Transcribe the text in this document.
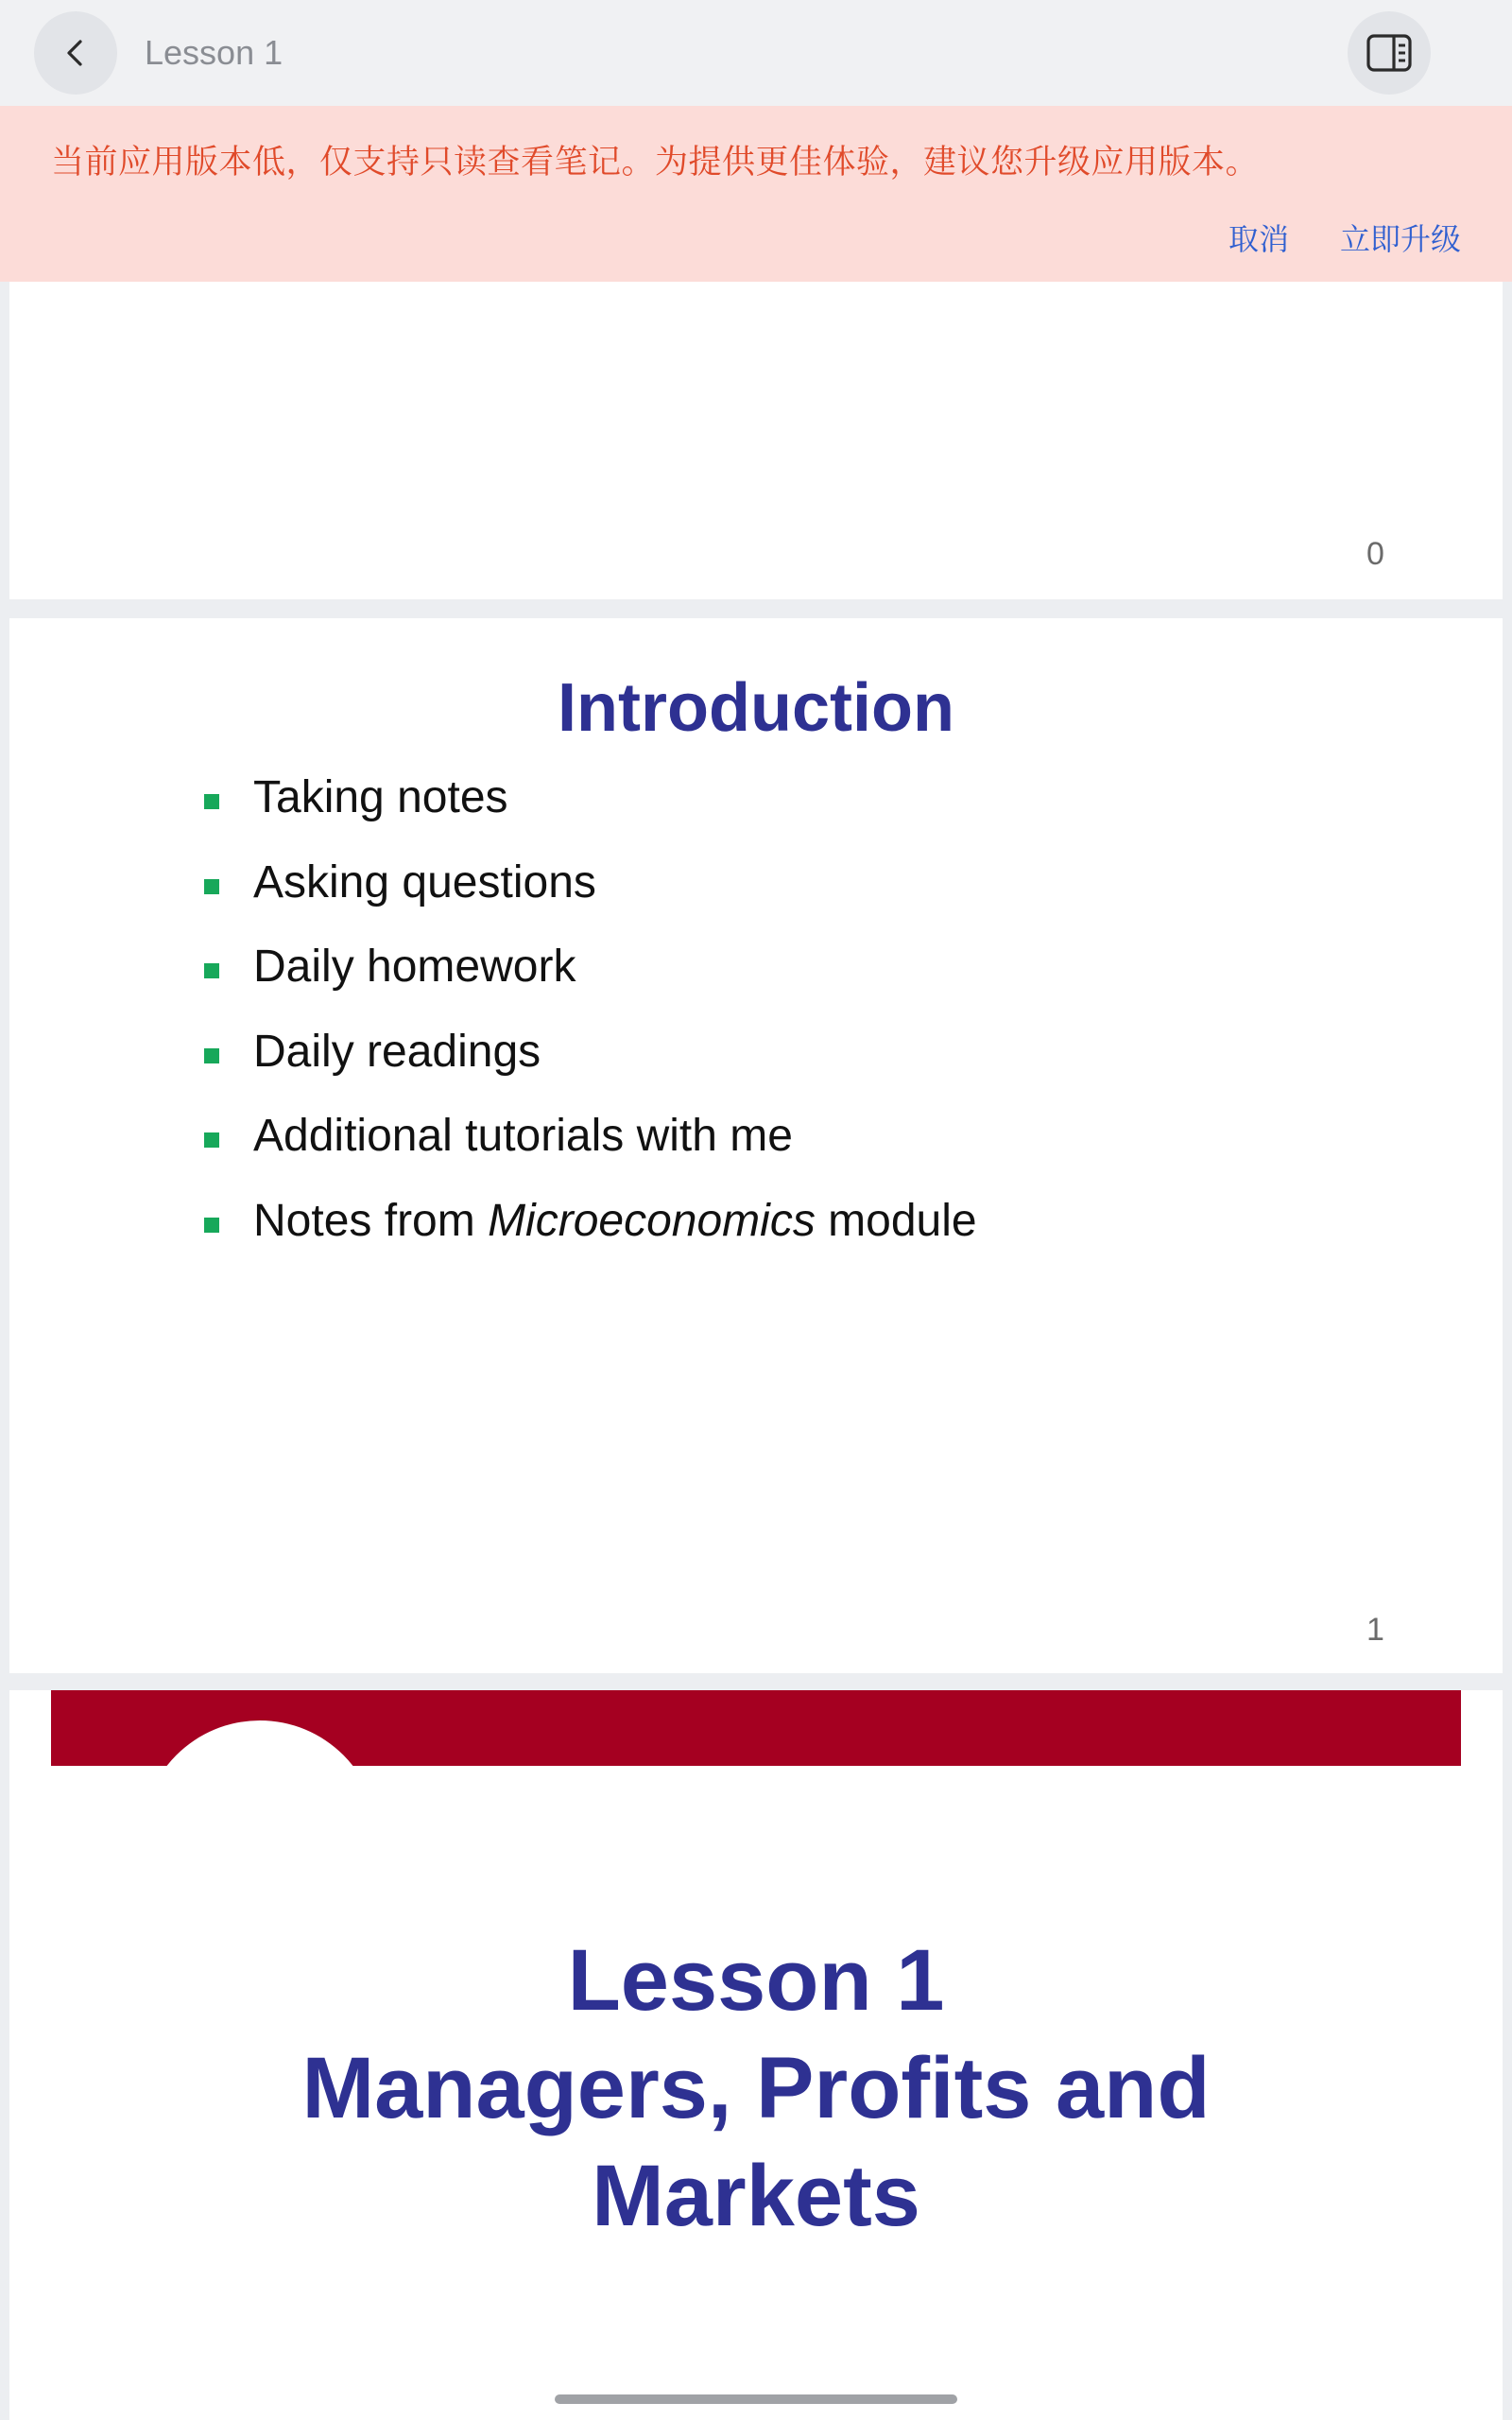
Lesson 1
当前应用版本低，仅支持只读查看笔记。为提供更佳体验，建议您升级应用版本。
取消 立即升级
0
Introduction
Taking notes
Asking questions
Daily homework
Daily readings
Additional tutorials with me
Notes from Microeconomics module
1
Lesson 1
Managers, Profits and
Markets
